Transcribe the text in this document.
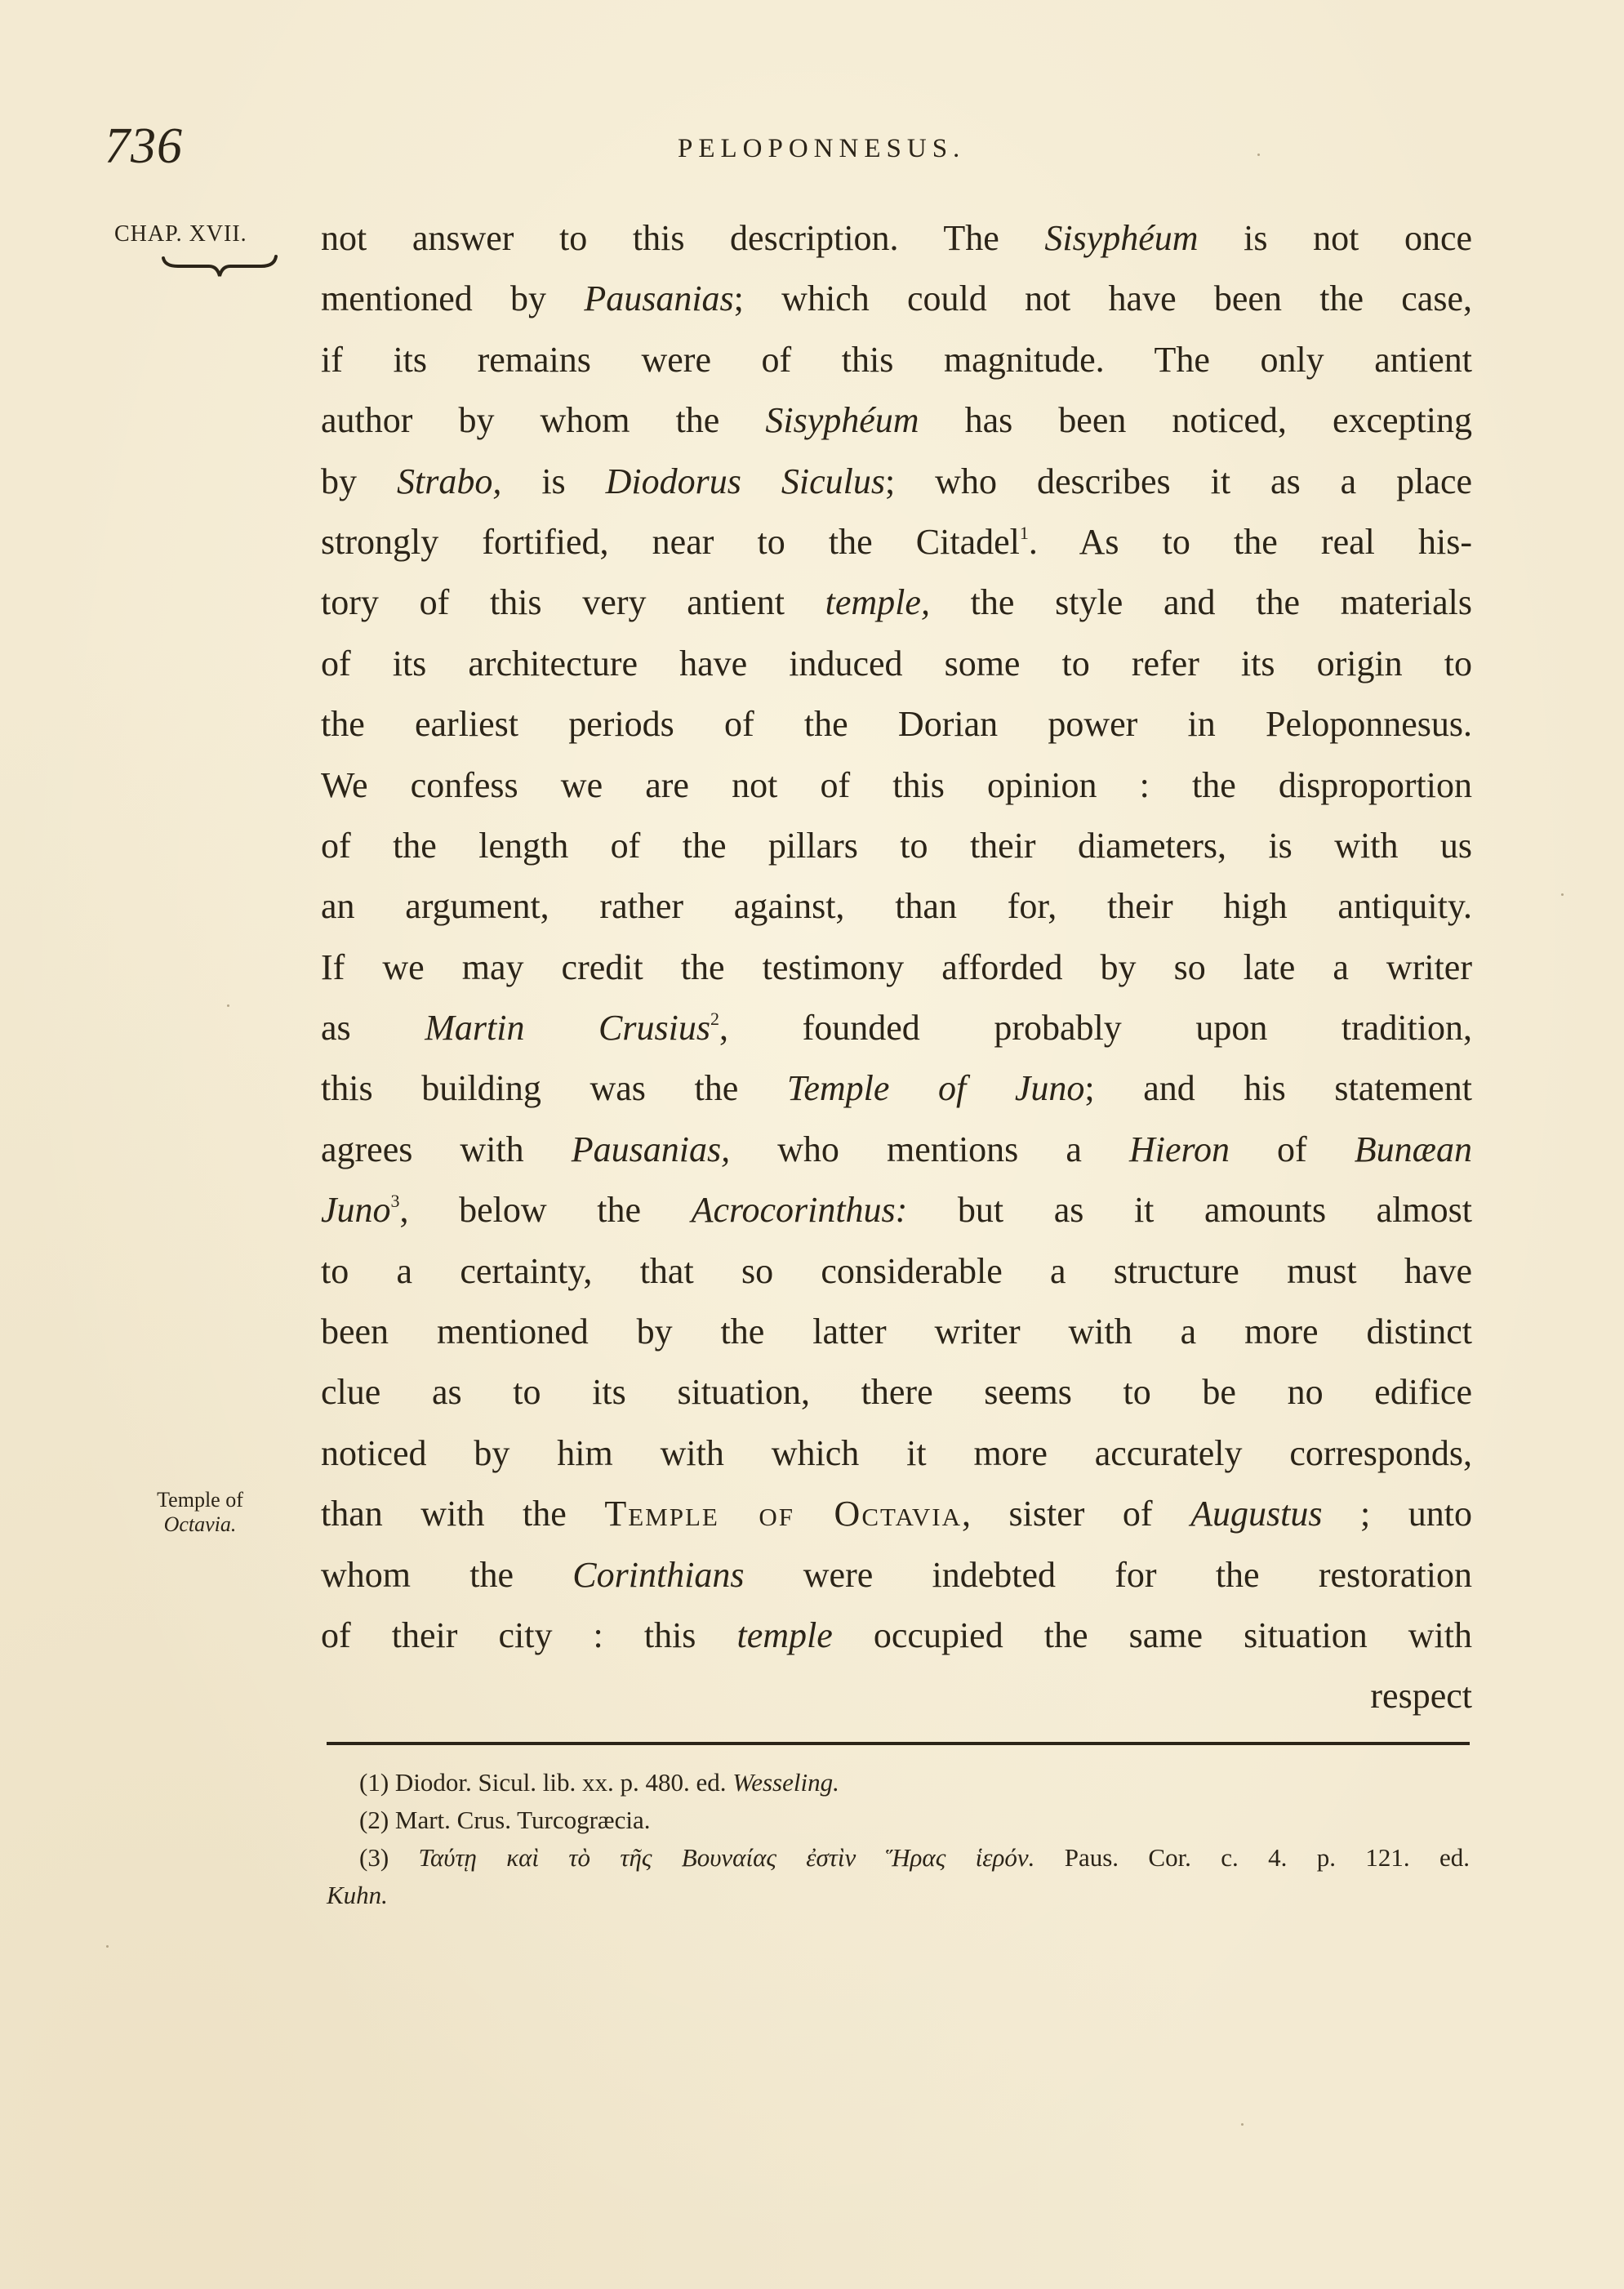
736	PELOPONNESUS.
CHAP. XVII.
Temple of
Octavia.
not answer to this description. The Sisyphéum is not once
mentioned by Pausanias; which could not have been the case,
if its remains were of this magnitude. The only antient
author by whom the Sisyphéum has been noticed, excepting
by Strabo, is Diodorus Siculus; who describes it as a place
strongly fortified, near to the Citadel$^1$. As to the real his-
tory of this very antient temple, the style and the materials
of its architecture have induced some to refer its origin to
the earliest periods of the Dorian power in Peloponnesus.
We confess we are not of this opinion : the disproportion
of the length of the pillars to their diameters, is with us
an argument, rather against, than for, their high antiquity.
If we may credit the testimony afforded by so late a writer
as Martin Crusius$^2$, founded probably upon tradition,
this building was the Temple of Juno; and his statement
agrees with Pausanias, who mentions a Hieron of Bunæan
Juno$^3$, below the Acrocorinthus: but as it amounts almost
to a certainty, that so considerable a structure must have
been mentioned by the latter writer with a more distinct
clue as to its situation, there seems to be no edifice
noticed by him with which it more accurately corresponds,
than with the Temple of Octavia, sister of Augustus ; unto
whom the Corinthians were indebted for the restoration
of their city : this temple occupied the same situation with
respect
(1) Diodor. Sicul. lib. xx. p. 480. ed. Wesseling.
(2) Mart. Crus. Turcogræcia.
(3) Ταύτῃ καὶ τὸ τῆς Βουναίας ἐστὶν Ἥρας ἱερόν. Paus. Cor. c. 4. p. 121. ed.
Kuhn.
